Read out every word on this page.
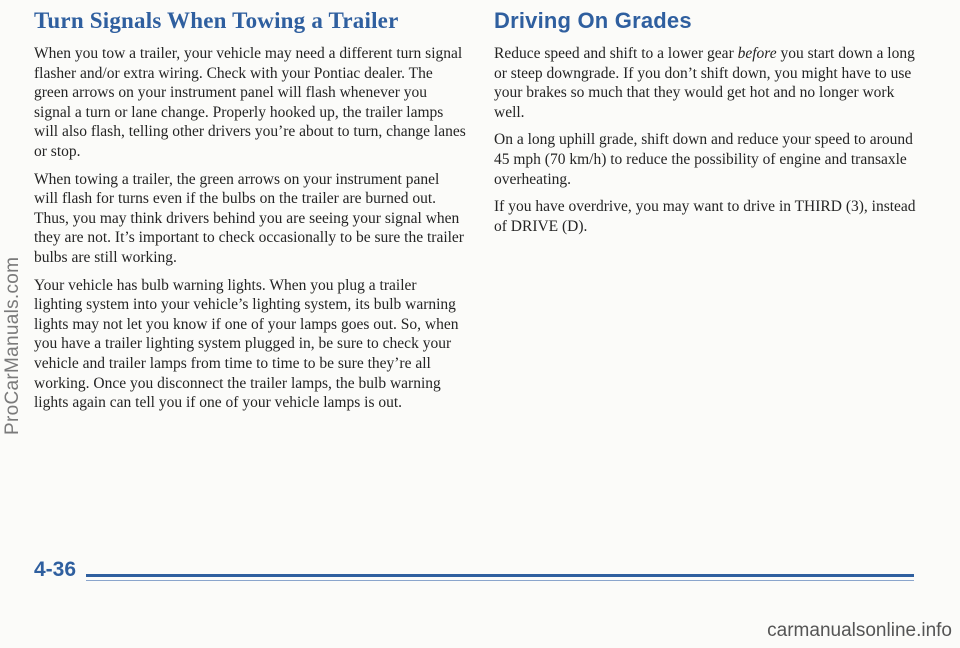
Turn Signals When Towing a Trailer

When you tow a trailer, your vehicle may need a different turn signal flasher and/or extra wiring. Check with your Pontiac dealer. The green arrows on your instrument panel will flash whenever you signal a turn or lane change. Properly hooked up, the trailer lamps will also flash, telling other drivers you’re about to turn, change lanes or stop.

When towing a trailer, the green arrows on your instrument panel will flash for turns even if the bulbs on the trailer are burned out. Thus, you may think drivers behind you are seeing your signal when they are not. It’s important to check occasionally to be sure the trailer bulbs are still working.

Your vehicle has bulb warning lights. When you plug a trailer lighting system into your vehicle’s lighting system, its bulb warning lights may not let you know if one of your lamps goes out. So, when you have a trailer lighting system plugged in, be sure to check your vehicle and trailer lamps from time to time to be sure they’re all working. Once you disconnect the trailer lamps, the bulb warning lights again can tell you if one of your vehicle lamps is out.

Driving On Grades

Reduce speed and shift to a lower gear before you start down a long or steep downgrade. If you don’t shift down, you might have to use your brakes so much that they would get hot and no longer work well.

On a long uphill grade, shift down and reduce your speed to around 45 mph (70 km/h) to reduce the possibility of engine and transaxle overheating.

If you have overdrive, you may want to drive in THIRD (3), instead of DRIVE (D).

ProCarManuals.com
4-36
carmanualsonline.info
